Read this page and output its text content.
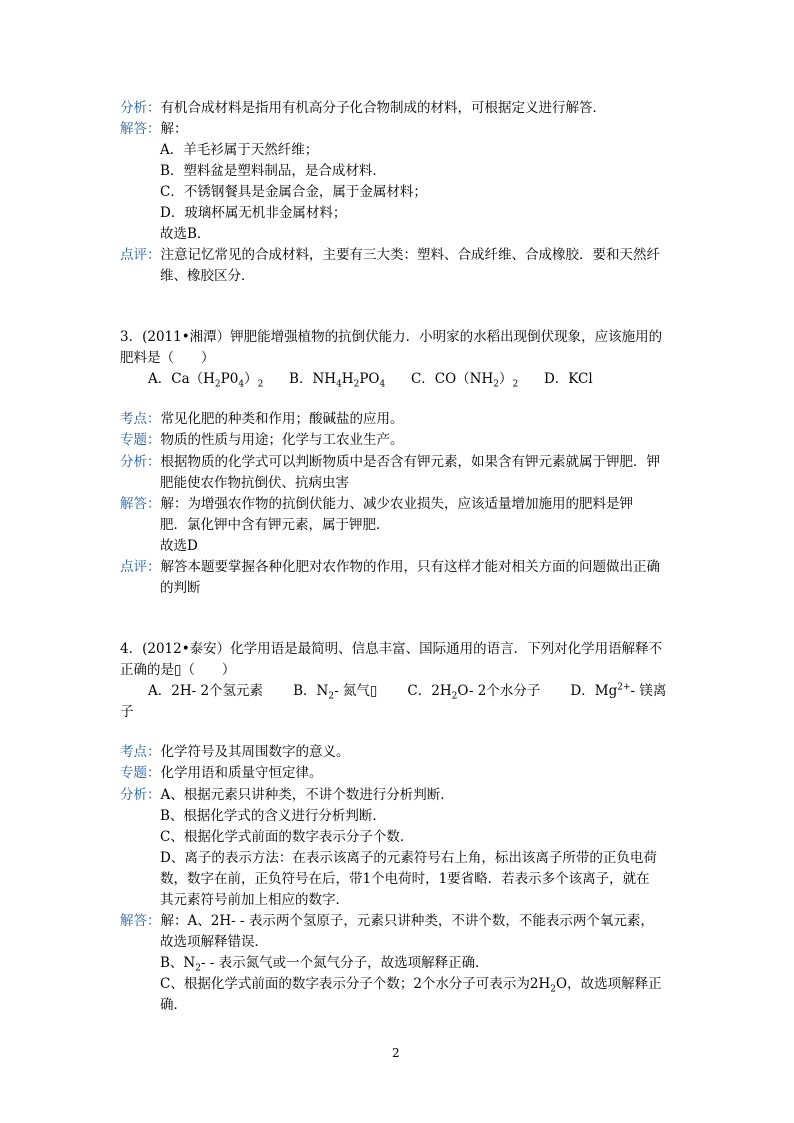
分析：有机合成材料是指用有机高分子化合物制成的材料，可根据定义进行解答．
解答：解：
A．羊毛衫属于天然纤维；
B．塑料盆是塑料制品，是合成材料．
C．不锈钢餐具是金属合金，属于金属材料；
D．玻璃杯属无机非金属材料；
故选B．
点评：注意记忆常见的合成材料，主要有三大类：塑料、合成纤维、合成橡胶．要和天然纤
维、橡胶区分．
3．(2011•湘潭）钾肥能增强植物的抗倒伏能力．小明家的水稻出现倒伏现象，应该施用的
肥料是（　　）
A．$Ca(H_2P0_4)_2$ B．$NH_4H_2PO_4$ C．$CO(NH_2)_2$ D．KCl
考点：常见化肥的种类和作用；酸碱盐的应用。
专题：物质的性质与用途；化学与工农业生产。
分析：根据物质的化学式可以判断物质中是否含有钾元素，如果含有钾元素就属于钾肥．钾
肥能使农作物抗倒伏、抗病虫害
解答：解：为增强农作物的抗倒伏能力、减少农业损失，应该适量增加施用的肥料是钾
肥．氯化钾中含有钾元素，属于钾肥．
故选D
点评：解答本题要掌握各种化肥对农作物的作用，只有这样才能对相关方面的问题做出正确
的判断
4．(2012•泰安）化学用语是最简明、信息丰富、国际通用的语言．下列对化学用语解释不
正确的是▯（　　）
A．2H- 2个氢元素 B．$N_2-$ 氮气▯ C．$2H_2O-$ 2个水分子 D．$Mg^{2+}-$ 镁离
子
考点：化学符号及其周围数字的意义。
专题：化学用语和质量守恒定律。
分析：A、根据元素只讲种类，不讲个数进行分析判断．
B、根据化学式的含义进行分析判断．
C、根据化学式前面的数字表示分子个数．
D、离子的表示方法：在表示该离子的元素符号右上角，标出该离子所带的正负电荷
数，数字在前，正负符号在后，带1个电荷时，1要省略．若表示多个该离子，就在
其元素符号前加上相应的数字．
解答：解：A、2H- - 表示两个氢原子，元素只讲种类，不讲个数，不能表示两个氧元素，
故选项解释错误．
B、$N_2-$ - 表示氮气或一个氮气分子，故选项解释正确．
C、根据化学式前面的数字表示分子个数；2个水分子可表示为$2H_2O$，故选项解释正
确．
2
